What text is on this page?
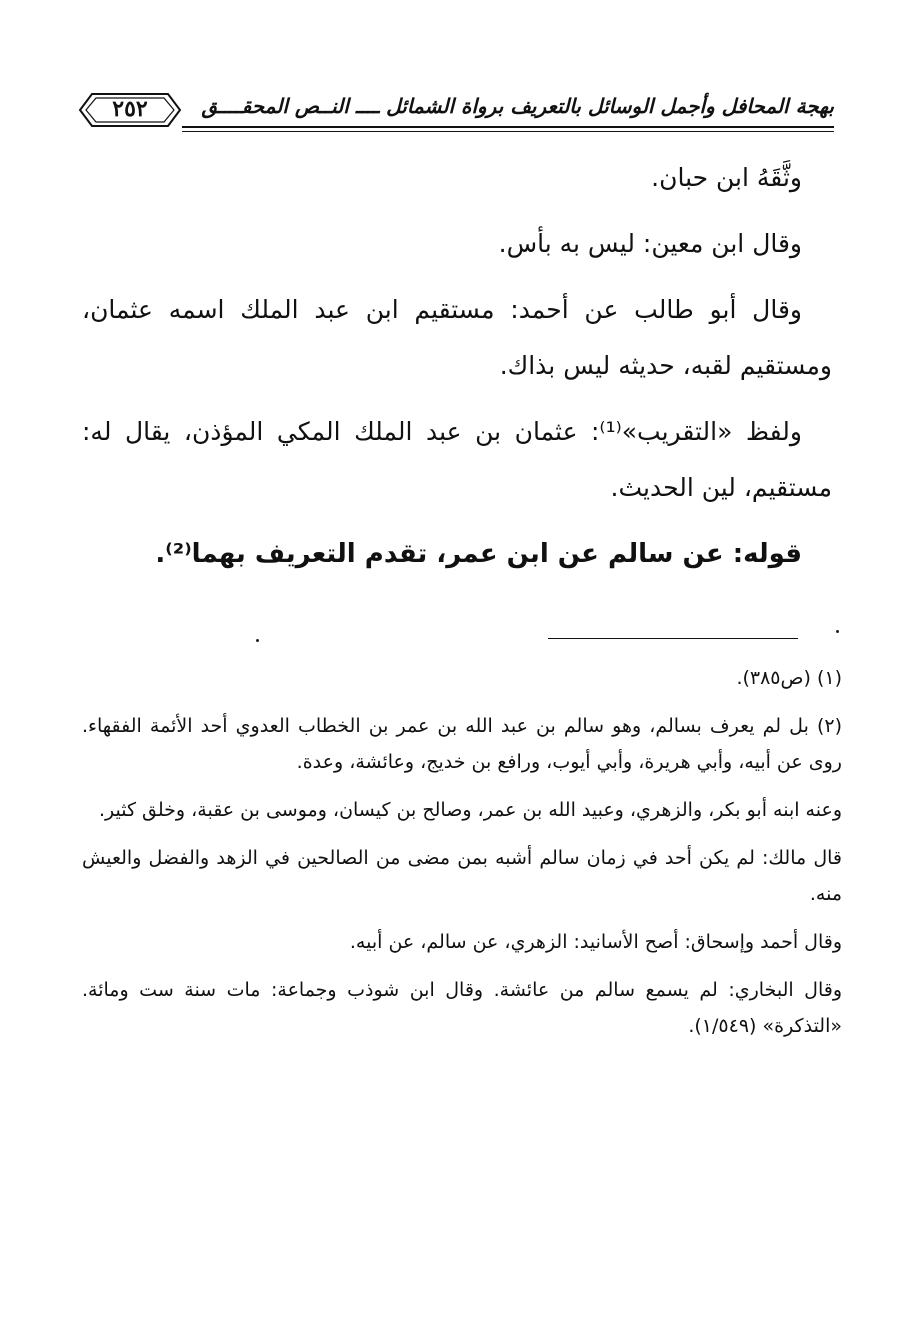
بهجة المحافل وأجمل الوسائل بالتعريف برواة الشمائل ــــ النــص المحقــــق
٢٥٢

وثَّقَهُ ابن حبان.

وقال ابن معين: ليس به بأس.

وقال أبو طالب عن أحمد: مستقيم ابن عبد الملك اسمه عثمان، ومستقيم لقبه، حديثه ليس بذاك.

ولفظ «التقريب»⁽¹⁾: عثمان بن عبد الملك المكي المؤذن، يقال له: مستقيم، لين الحديث.

قوله: عن سالم عن ابن عمر، تقدم التعريف بهما⁽²⁾.

(١) (ص٣٨٥).

(٢) بل لم يعرف بسالم، وهو سالم بن عبد الله بن عمر بن الخطاب العدوي أحد الأئمة الفقهاء. روى عن أبيه، وأبي هريرة، وأبي أيوب، ورافع بن خديج، وعائشة، وعدة.

وعنه ابنه أبو بكر، والزهري، وعبيد الله بن عمر، وصالح بن كيسان، وموسى بن عقبة، وخلق كثير.

قال مالك: لم يكن أحد في زمان سالم أشبه بمن مضى من الصالحين في الزهد والفضل والعيش منه.

وقال أحمد وإسحاق: أصح الأسانيد: الزهري، عن سالم، عن أبيه.

وقال البخاري: لم يسمع سالم من عائشة. وقال ابن شوذب وجماعة: مات سنة ست ومائة. «التذكرة» (١/٥٤٩).
